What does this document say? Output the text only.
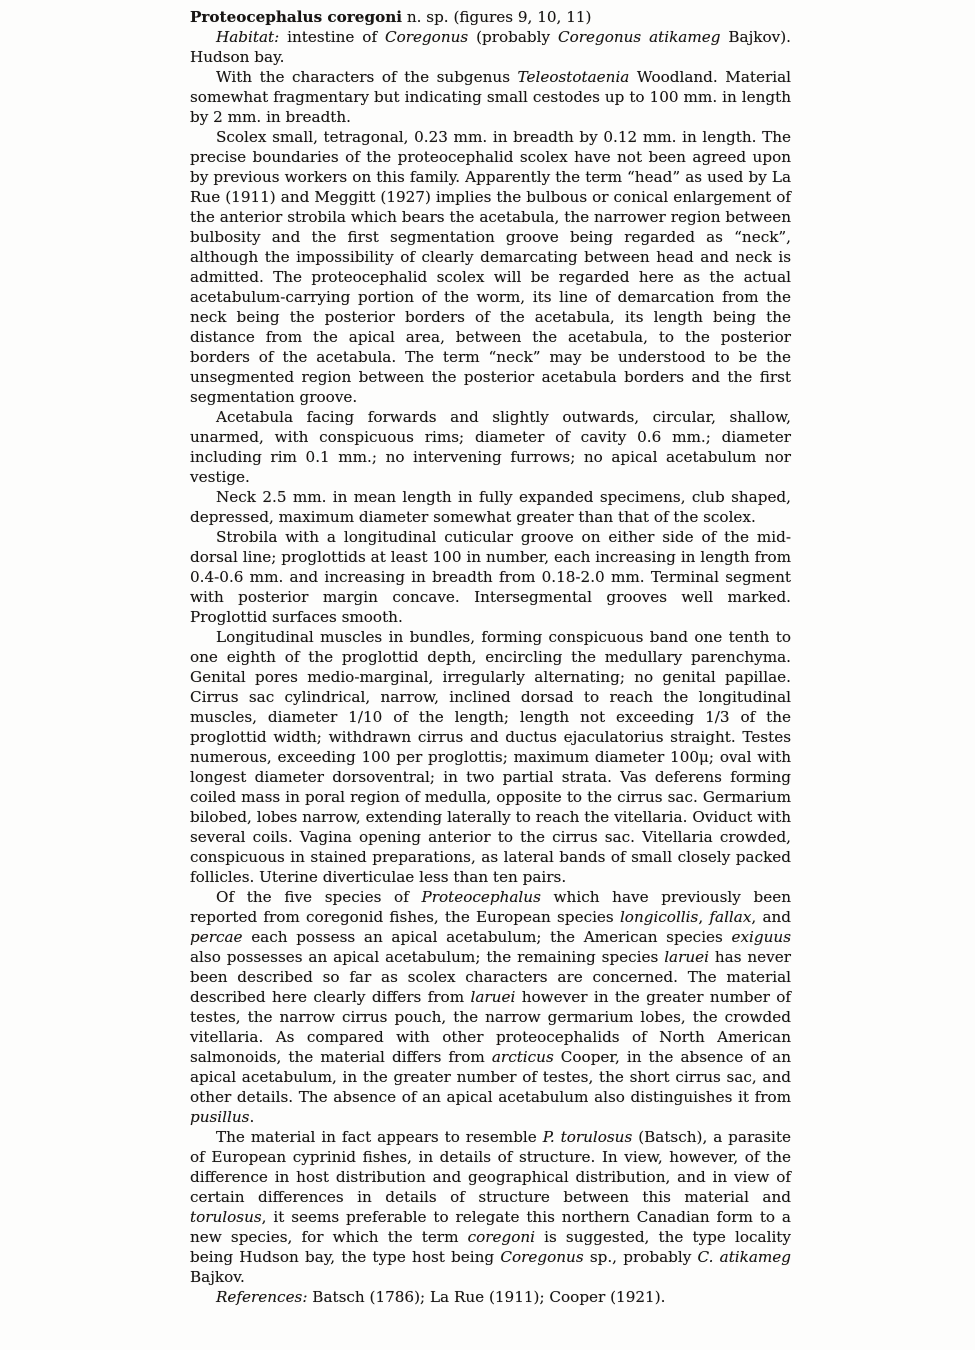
Proteocephalus coregoni n. sp. (figures 9, 10, 11)

Habitat: intestine of Coregonus (probably Coregonus atikameg Bajkov). Hudson bay.

With the characters of the subgenus Teleostotaenia Woodland. Material somewhat fragmentary but indicating small cestodes up to 100 mm. in length by 2 mm. in breadth.

Scolex small, tetragonal, 0.23 mm. in breadth by 0.12 mm. in length. The precise boundaries of the proteocephalid scolex have not been agreed upon by previous workers on this family. Apparently the term “head” as used by La Rue (1911) and Meggitt (1927) implies the bulbous or conical enlargement of the anterior strobila which bears the acetabula, the narrower region between bulbosity and the first segmentation groove being regarded as “neck”, although the impossibility of clearly demarcating between head and neck is admitted. The proteocephalid scolex will be regarded here as the actual acetabulum-carrying portion of the worm, its line of demarcation from the neck being the posterior borders of the acetabula, its length being the distance from the apical area, between the acetabula, to the posterior borders of the acetabula. The term “neck” may be understood to be the unsegmented region between the posterior acetabula borders and the first segmentation groove.

Acetabula facing forwards and slightly outwards, circular, shallow, unarmed, with conspicuous rims; diameter of cavity 0.6 mm.; diameter including rim 0.1 mm.; no intervening furrows; no apical acetabulum nor vestige.

Neck 2.5 mm. in mean length in fully expanded specimens, club shaped, depressed, maximum diameter somewhat greater than that of the scolex.

Strobila with a longitudinal cuticular groove on either side of the mid-dorsal line; proglottids at least 100 in number, each increasing in length from 0.4-0.6 mm. and increasing in breadth from 0.18-2.0 mm. Terminal segment with posterior margin concave. Intersegmental grooves well marked. Proglottid surfaces smooth.

Longitudinal muscles in bundles, forming conspicuous band one tenth to one eighth of the proglottid depth, encircling the medullary parenchyma. Genital pores medio-marginal, irregularly alternating; no genital papillae. Cirrus sac cylindrical, narrow, inclined dorsad to reach the longitudinal muscles, diameter 1/10 of the length; length not exceeding 1/3 of the proglottid width; withdrawn cirrus and ductus ejaculatorius straight. Testes numerous, exceeding 100 per proglottis; maximum diameter 100μ; oval with longest diameter dorsoventral; in two partial strata. Vas deferens forming coiled mass in poral region of medulla, opposite to the cirrus sac. Germarium bilobed, lobes narrow, extending laterally to reach the vitellaria. Oviduct with several coils. Vagina opening anterior to the cirrus sac. Vitellaria crowded, conspicuous in stained preparations, as lateral bands of small closely packed follicles. Uterine diverticulae less than ten pairs.

Of the five species of Proteocephalus which have previously been reported from coregonid fishes, the European species longicollis, fallax, and percae each possess an apical acetabulum; the American species exiguus also possesses an apical acetabulum; the remaining species laruei has never been described so far as scolex characters are concerned. The material described here clearly differs from laruei however in the greater number of testes, the narrow cirrus pouch, the narrow germarium lobes, the crowded vitellaria. As compared with other proteocephalids of North American salmonoids, the material differs from arcticus Cooper, in the absence of an apical acetabulum, in the greater number of testes, the short cirrus sac, and other details. The absence of an apical acetabulum also distinguishes it from pusillus.

The material in fact appears to resemble P. torulosus (Batsch), a parasite of European cyprinid fishes, in details of structure. In view, however, of the difference in host distribution and geographical distribution, and in view of certain differences in details of structure between this material and torulosus, it seems preferable to relegate this northern Canadian form to a new species, for which the term coregoni is suggested, the type locality being Hudson bay, the type host being Coregonus sp., probably C. atikameg Bajkov.

References: Batsch (1786); La Rue (1911); Cooper (1921).
